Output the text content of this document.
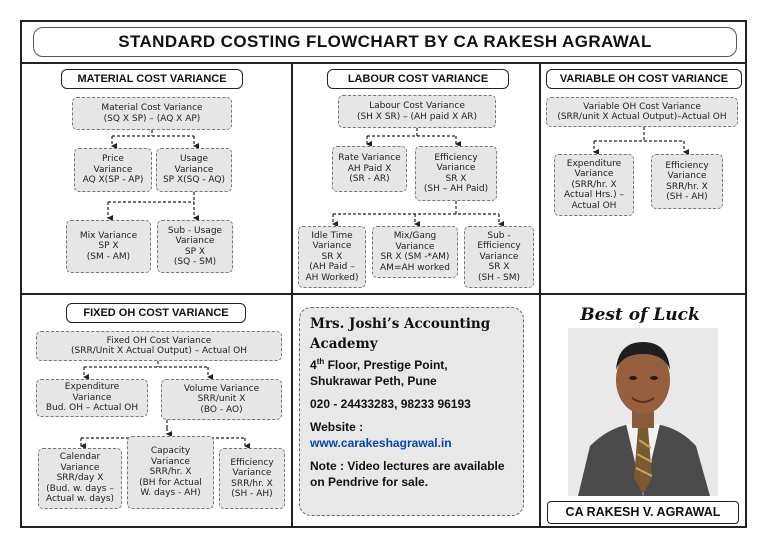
STANDARD COSTING FLOWCHART BY CA RAKESH AGRAWAL
MATERIAL COST VARIANCE
Material Cost Variance
(SQ X SP) – (AQ X AP)
Price
Variance
AQ X(SP - AP)
Usage
Variance
SP X(SQ - AQ)
Mix Variance
SP X
(SM - AM)
Sub - Usage
Variance
SP X
(SQ - SM)
LABOUR COST VARIANCE
Labour Cost Variance
(SH X SR) – (AH paid X AR)
Rate Variance
AH Paid X
(SR - AR)
Efficiency
Variance
SR X
(SH – AH Paid)
Idle Time
Variance
SR X
(AH Paid –
AH Worked)
Mix/Gang
Variance
SR X (SM -*AM)
AM=AH worked
Sub -
Efficiency
Variance
SR X
(SH - SM)
VARIABLE OH COST VARIANCE
Variable OH Cost Variance
(SRR/unit X Actual Output)–Actual OH
Expenditure
Variance
(SRR/hr. X
Actual Hrs.) –
Actual OH
Efficiency
Variance
SRR/hr. X
(SH - AH)
FIXED OH COST VARIANCE
Fixed OH Cost Variance
(SRR/Unit X Actual Output) – Actual OH
Expenditure
Variance
Bud. OH – Actual OH
Volume Variance
SRR/unit X
(BO - AO)
Calendar
Variance
SRR/day X
(Bud. w. days –
Actual w. days)
Capacity
Variance
SRR/hr. X
(BH for Actual
W. days - AH)
Efficiency
Variance
SRR/hr. X
(SH - AH)
Mrs. Joshi’s Accounting Academy
4th Floor, Prestige Point,
Shukrawar Peth, Pune
020 - 24433283, 98233 96193
Website :
www.carakeshagrawal.in
Note : Video lectures are available on Pendrive for sale.
Best of Luck
CA RAKESH V. AGRAWAL
